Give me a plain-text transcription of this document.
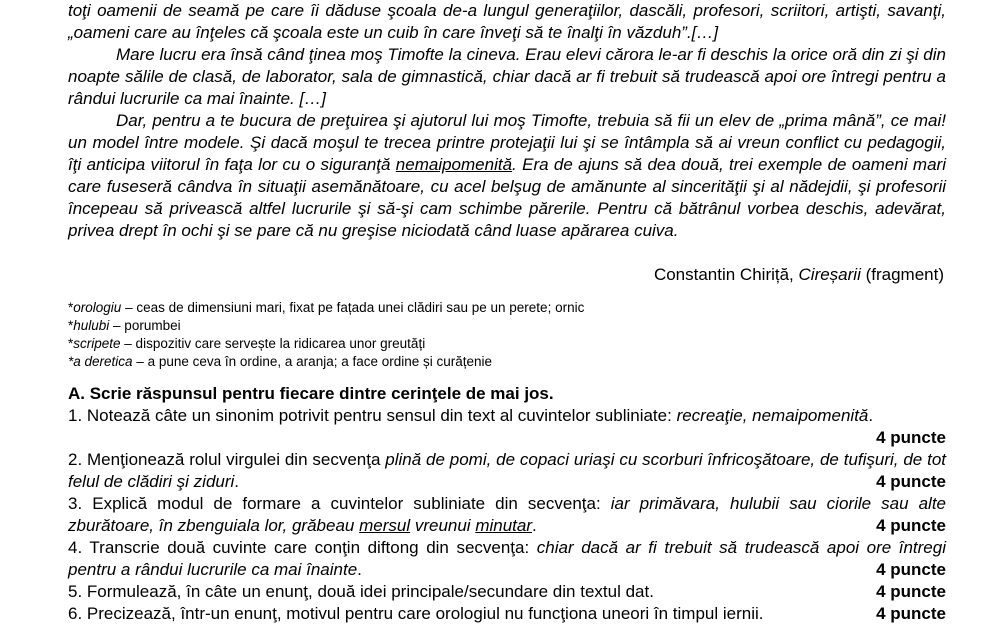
toţi oamenii de seamă pe care îi dăduse şcoala de-a lungul generaţiilor, dascăli, profesori, scriitori, artişti, savanţi, „oameni care au înţeles că şcoala este un cuib în care înveţi să te înalţi în văzduh”.[…]

Mare lucru era însă când ţinea moş Timofte la cineva. Erau elevi cărora le-ar fi deschis la orice oră din zi şi din noapte sălile de clasă, de laborator, sala de gimnastică, chiar dacă ar fi trebuit să trudească apoi ore întregi pentru a rândui lucrurile ca mai înainte. […]

Dar, pentru a te bucura de preţuirea şi ajutorul lui moş Timofte, trebuia să fii un elev de „prima mână”, ce mai! un model între modele. Şi dacă moşul te trecea printre protejaţii lui şi se întâmpla să ai vreun conflict cu pedagogii, îţi anticipa viitorul în faţa lor cu o siguranţă nemaipomenită. Era de ajuns să dea două, trei exemple de oameni mari care fuseseră cândva în situaţii asemănătoare, cu acel belşug de amănunte al sincerităţii şi al nădejdii, şi profesorii începeau să privească altfel lucrurile şi să-şi cam schimbe părerile. Pentru că bătrânul vorbea deschis, adevărat, privea drept în ochi şi se pare că nu greşise niciodată când luase apărarea cuiva.

Constantin Chiriță, Cireșarii (fragment)
*orologiu – ceas de dimensiuni mari, fixat pe fațada unei clădiri sau pe un perete; ornic
*hulubi – porumbei
*scripete – dispozitiv care servește la ridicarea unor greutăți
*a deretica – a pune ceva în ordine, a aranja; a face ordine și curățenie
A. Scrie răspunsul pentru fiecare dintre cerinţele de mai jos.
1. Notează câte un sinonim potrivit pentru sensul din text al cuvintelor subliniate: recreaţie, nemaipomenită.
4 puncte
2. Menţionează rolul virgulei din secvenţa plină de pomi, de copaci uriaşi cu scorburi înfricoşătoare, de tufişuri, de tot felul de clădiri şi ziduri.	4 puncte
3. Explică modul de formare a cuvintelor subliniate din secvenţa: iar primăvara, hulubii sau ciorile sau alte zburătoare, în zbenguiala lor, grăbeau mersul vreunui minutar.	4 puncte
4. Transcrie două cuvinte care conţin diftong din secvenţa: chiar dacă ar fi trebuit să trudească apoi ore întregi pentru a rândui lucrurile ca mai înainte.	4 puncte
5. Formulează, în câte un enunţ, două idei principale/secundare din textul dat.	4 puncte
6. Precizează, într-un enunţ, motivul pentru care orologiul nu funcţiona uneori în timpul iernii.	4 puncte
